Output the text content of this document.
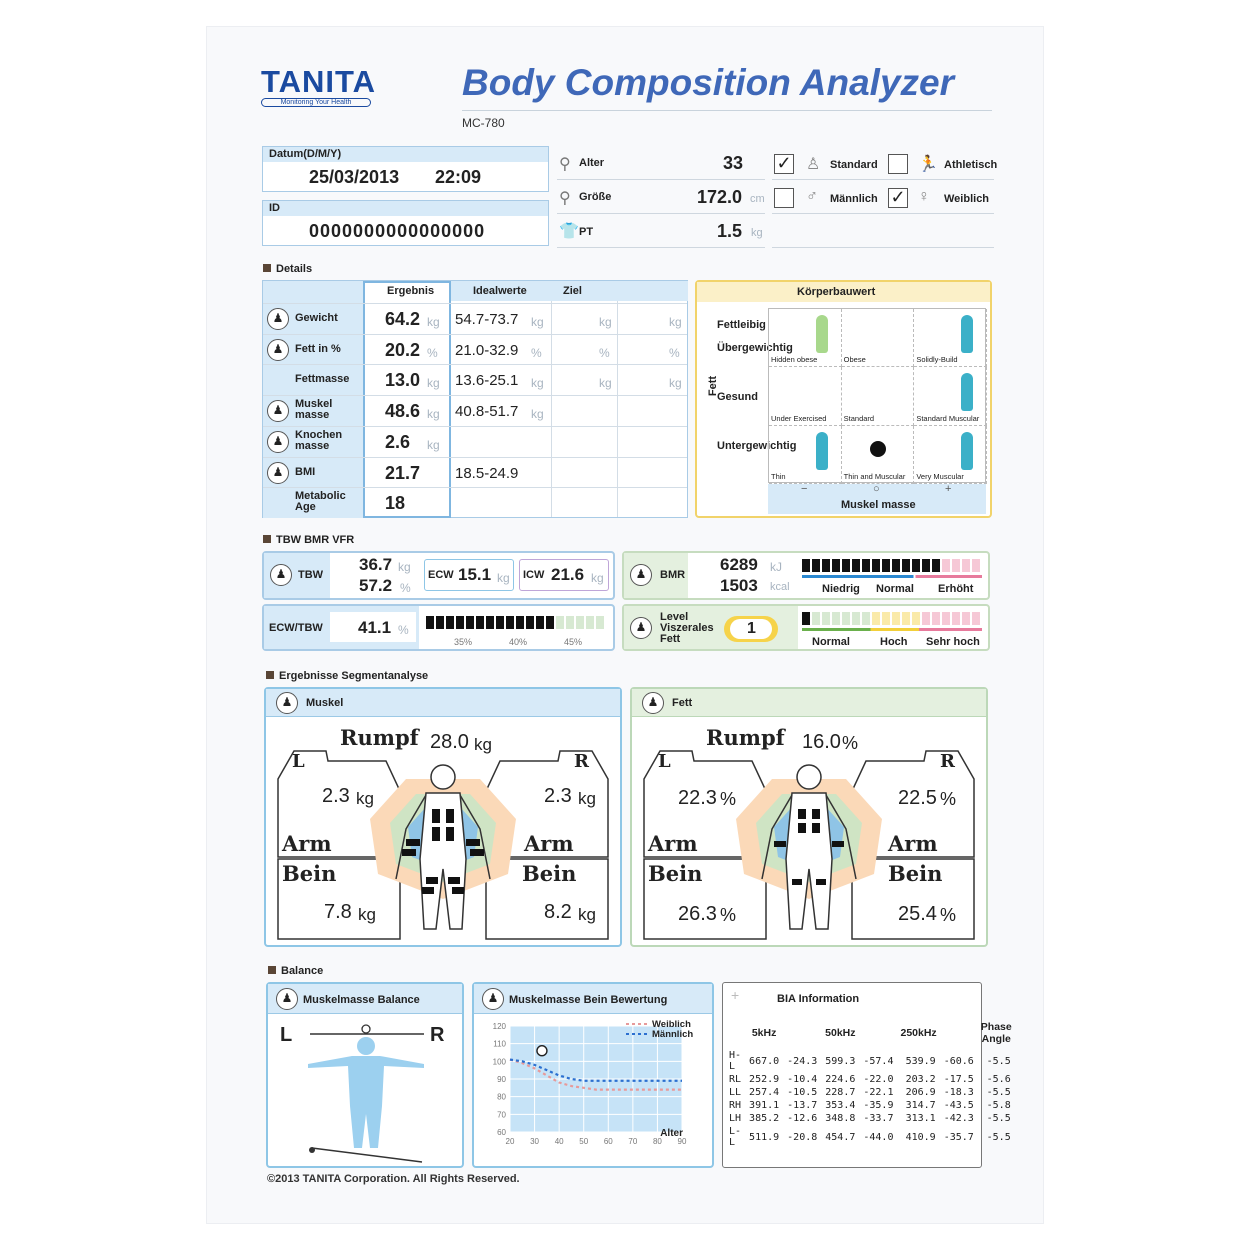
TANITA
Monitoring Your Health	Body Composition Analyzer
MC-780
Datum(D/M/Y)
25/03/2013 22:09
ID
0000000000000000
⚲ Alter	33
⚲ Größe	172.0 cm
👕 PT	1.5 kg
✓ ♙ Standard	🏃 Athletisch
♂ Männlich ✓ ♀ Weiblich
Details
Ergebnis	Idealwerte	Ziel
♟	Gewicht	64.2 kg 54.7-73.7 kg	kg	kg
♟	Fett in %	20.2 % 21.0-32.9 %	%	%
Fettmasse	13.0 kg 13.6-25.1 kg	kg	kg
♟	Muskel masse	48.6 kg 40.8-51.7 kg
♟	Knochen masse	2.6 kg
♟	BMI	21.7 18.5-24.9
Metabolic Age	18
Körperbauwert
Fett
Fettleibig
Übergewichtig
Gesund
Untergewichtig
Hidden obese	Obese	Solidly-Build
Under Exercised Standard	Standard Muscular
Thin	Thin and Muscular Very Muscular
−	○	+
Muskel masse
TBW BMR VFR
♟	TBW
36.7 kg
57.2 %
ECW 15.1 kg ICW 21.6 kg
ECW/TBW 41.1 %
35%	40%	45%
♟	BMR
6289 kJ
1503 kcal	Niedrig Normal Erhöht
♟
Level Viszerales Fett
1
Normal	Hoch Sehr hoch
Ergebnisse Segmentanalyse
♟	Muskel
Rumpf 28.0 kg
L	R
2.3 kg	2.3 kg
Arm	Arm
Bein	Bein
7.8 kg	8.2 kg
♟	Fett
Rumpf 16.0 %
L	R
22.3 %	22.5 %
Arm	Arm
Bein	Bein
26.3 %	25.4 %
Balance
♟ Muskelmasse Balance
L	R
♟ Muskelmasse Bein Bewertung
20 30 40 50 60 70 80 90
60
70
80
90
100
110
120	Weiblich
Männlich
Alter
+	BIA Information
	5kHz		50kHz		250kHz		Phase Angle
H-L	667.0	-24.3	599.3	-57.4	539.9	-60.6	-5.5
RL	252.9	-10.4	224.6	-22.0	203.2	-17.5	-5.6
LL	257.4	-10.5	228.7	-22.1	206.9	-18.3	-5.5
RH	391.1	-13.7	353.4	-35.9	314.7	-43.5	-5.8
LH	385.2	-12.6	348.8	-33.7	313.1	-42.3	-5.5
L-L	511.9	-20.8	454.7	-44.0	410.9	-35.7	-5.5
©2013 TANITA Corporation. All Rights Reserved.
